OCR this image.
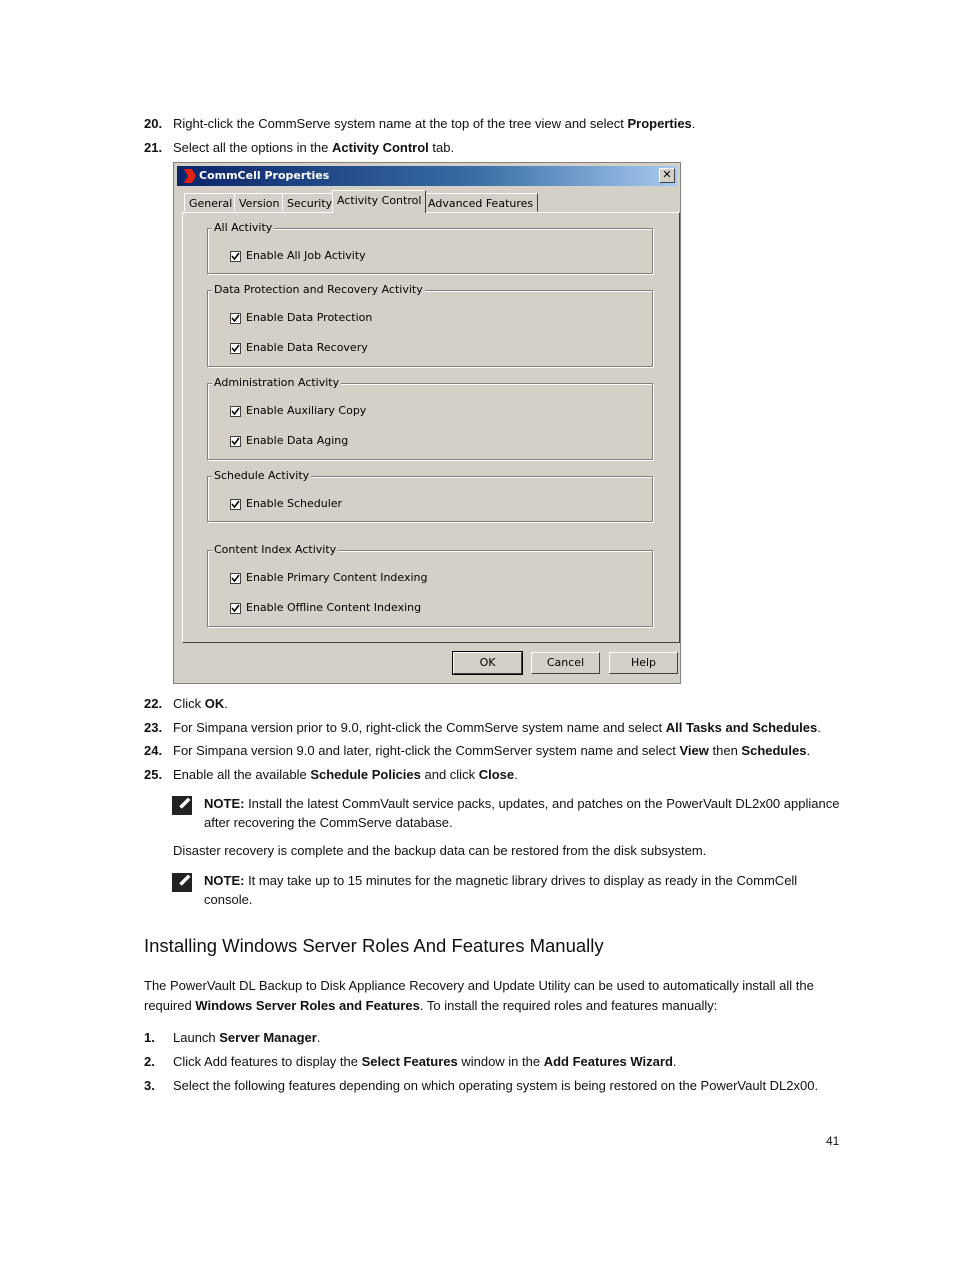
20. Right-click the CommServe system name at the top of the tree view and select Properties.
21. Select all the options in the Activity Control tab.
CommCell Properties	✕
General Version Security Activity Control Advanced Features
All Activity
Enable All Job Activity
Data Protection and Recovery Activity
Enable Data Protection
Enable Data Recovery
Administration Activity
Enable Auxiliary Copy
Enable Data Aging
Schedule Activity
Enable Scheduler
Content Index Activity
Enable Primary Content Indexing
Enable Offline Content Indexing
OK	Cancel	Help
22. Click OK.
23. For Simpana version prior to 9.0, right-click the CommServe system name and select All Tasks and Schedules.
24. For Simpana version 9.0 and later, right-click the CommServer system name and select View then Schedules.
25. Enable all the available Schedule Policies and click Close.
NOTE: Install the latest CommVault service packs, updates, and patches on the PowerVault DL2x00 appliance after recovering the CommServe database.
Disaster recovery is complete and the backup data can be restored from the disk subsystem.
NOTE: It may take up to 15 minutes for the magnetic library drives to display as ready in the CommCell console.
Installing Windows Server Roles And Features Manually
The PowerVault DL Backup to Disk Appliance Recovery and Update Utility can be used to automatically install all the required Windows Server Roles and Features. To install the required roles and features manually:
1. Launch Server Manager.
2. Click Add features to display the Select Features window in the Add Features Wizard.
3. Select the following features depending on which operating system is being restored on the PowerVault DL2x00.
41
